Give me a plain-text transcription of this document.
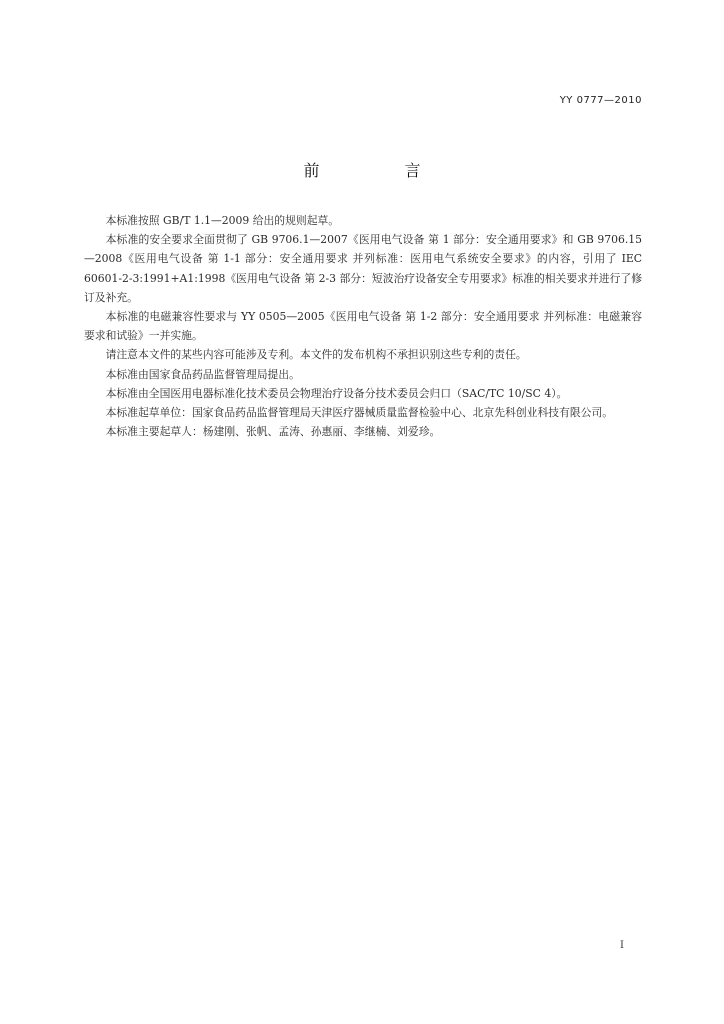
YY 0777—2010
前 言

本标准按照 GB/T 1.1—2009 给出的规则起草。

本标准的安全要求全面贯彻了 GB 9706.1—2007《医用电气设备 第 1 部分：安全通用要求》和 GB 9706.15—2008《医用电气设备 第 1-1 部分：安全通用要求 并列标准：医用电气系统安全要求》的内容，引用了 IEC 60601-2-3:1991+A1:1998《医用电气设备 第 2-3 部分：短波治疗设备安全专用要求》标准的相关要求并进行了修订及补充。

本标准的电磁兼容性要求与 YY 0505—2005《医用电气设备 第 1-2 部分：安全通用要求 并列标准：电磁兼容 要求和试验》一并实施。

请注意本文件的某些内容可能涉及专利。本文件的发布机构不承担识别这些专利的责任。

本标准由国家食品药品监督管理局提出。

本标准由全国医用电器标准化技术委员会物理治疗设备分技术委员会归口（SAC/TC 10/SC 4）。

本标准起草单位：国家食品药品监督管理局天津医疗器械质量监督检验中心、北京先科创业科技有限公司。

本标准主要起草人：杨建刚、张帆、孟涛、孙惠丽、李继楠、刘爱珍。

I
